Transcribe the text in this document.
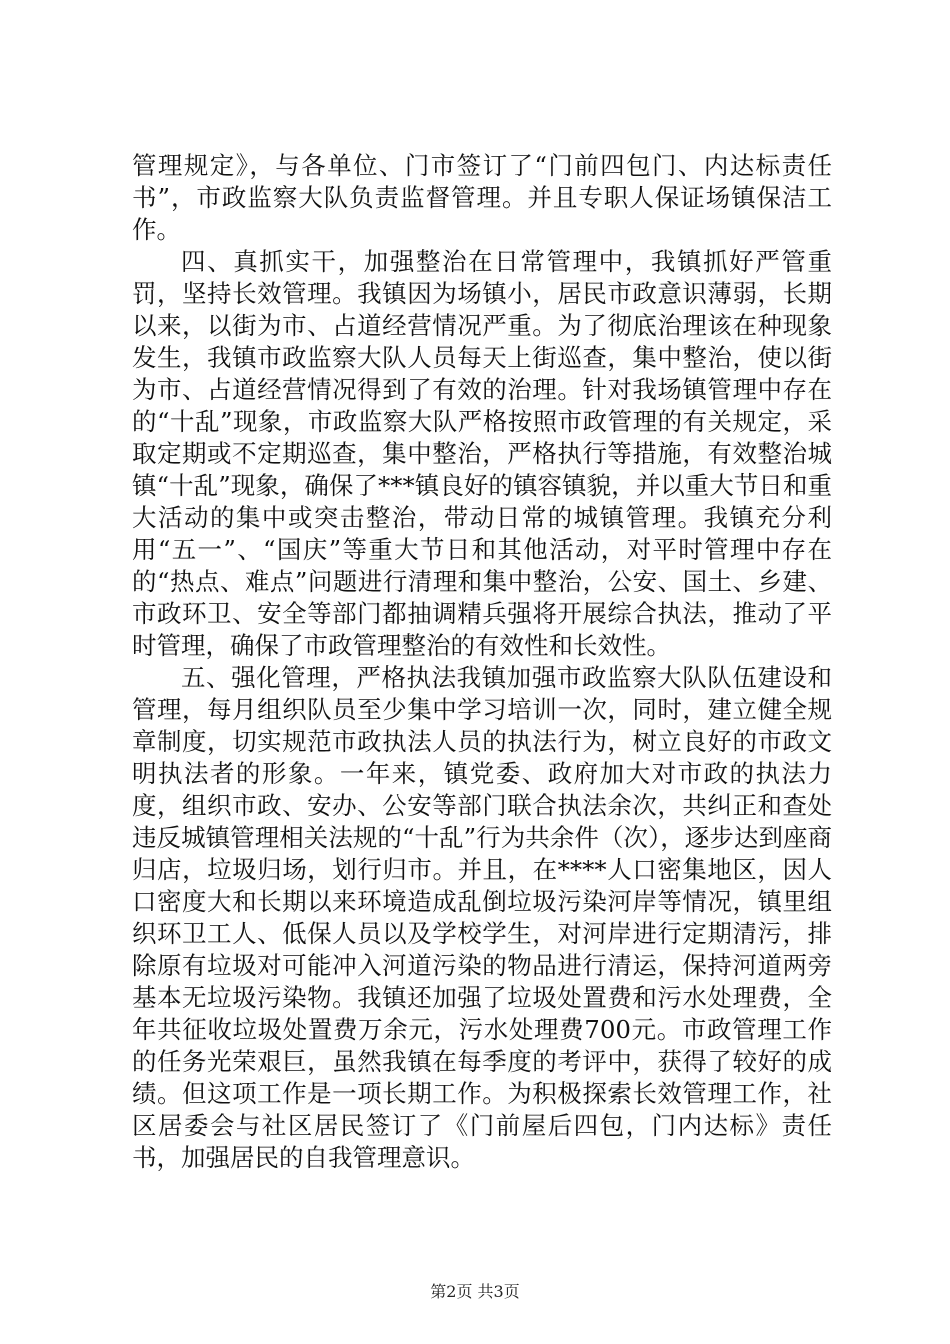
管理规定》，与各单位、门市签订了“门前四包门、内达标责任书”，市政监察大队负责监督管理。并且专职人保证场镇保洁工作。

四、真抓实干，加强整治在日常管理中，我镇抓好严管重罚，坚持长效管理。我镇因为场镇小，居民市政意识薄弱，长期以来，以街为市、占道经营情况严重。为了彻底治理该在种现象发生，我镇市政监察大队人员每天上街巡查，集中整治，使以街为市、占道经营情况得到了有效的治理。针对我场镇管理中存在的“十乱”现象，市政监察大队严格按照市政管理的有关规定，采取定期或不定期巡查，集中整治，严格执行等措施，有效整治城镇“十乱”现象，确保了***镇良好的镇容镇貌，并以重大节日和重大活动的集中或突击整治，带动日常的城镇管理。我镇充分利用“五一”、“国庆”等重大节日和其他活动，对平时管理中存在的“热点、难点”问题进行清理和集中整治，公安、国土、乡建、市政环卫、安全等部门都抽调精兵强将开展综合执法，推动了平时管理，确保了市政管理整治的有效性和长效性。

五、强化管理，严格执法我镇加强市政监察大队队伍建设和管理，每月组织队员至少集中学习培训一次，同时，建立健全规章制度，切实规范市政执法人员的执法行为，树立良好的市政文明执法者的形象。一年来，镇党委、政府加大对市政的执法力度，组织市政、安办、公安等部门联合执法余次，共纠正和查处违反城镇管理相关法规的“十乱”行为共余件（次），逐步达到座商归店，垃圾归场，划行归市。并且，在****人口密集地区，因人口密度大和长期以来环境造成乱倒垃圾污染河岸等情况，镇里组织环卫工人、低保人员以及学校学生，对河岸进行定期清污，排除原有垃圾对可能冲入河道污染的物品进行清运，保持河道两旁基本无垃圾污染物。我镇还加强了垃圾处置费和污水处理费，全年共征收垃圾处置费万余元，污水处理费700元。市政管理工作的任务光荣艰巨，虽然我镇在每季度的考评中，获得了较好的成绩。但这项工作是一项长期工作。为积极探索长效管理工作，社区居委会与社区居民签订了《门前屋后四包，门内达标》责任书，加强居民的自我管理意识。

第2页 共3页
